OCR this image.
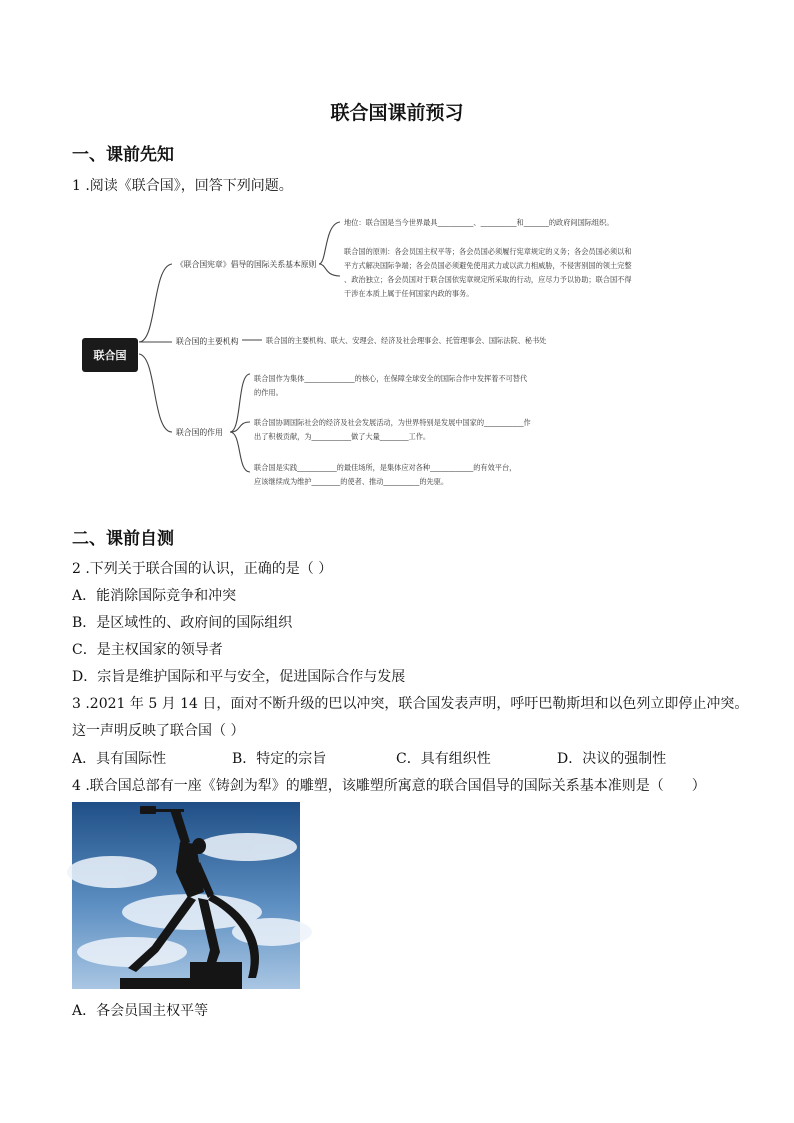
联合国课前预习
一、课前先知
1 .阅读《联合国》，回答下列问题。
联合国
《联合国宪章》倡导的国际关系基本原则
联合国的主要机构
联合国的作用
地位：联合国是当今世界最具__________、__________和_______的政府间国际组织。
联合国的原则：各会员国主权平等；各会员国必须履行宪章规定的义务；各会员国必须以和
平方式解决国际争端；各会员国必须避免使用武力或以武力相威胁，不侵害别国的领土完整
、政治独立；各会员国对于联合国依宪章规定所采取的行动，应尽力予以协助；联合国不得
干涉在本质上属于任何国家内政的事务。
联合国的主要机构、联大、安理会、经济及社会理事会、托管理事会、国际法院、秘书处
联合国作为集体______________的核心，在保障全球安全的国际合作中发挥着不可替代
的作用。
联合国协调国际社会的经济及社会发展活动，为世界特别是发展中国家的___________作
出了积极贡献，为___________做了大量________工作。
联合国是实践___________的最佳场所，是集体应对各种____________的有效平台，
应该继续成为维护________的使者、推动__________的先驱。
二、课前自测
2 .下列关于联合国的认识，正确的是（ ）
A．能消除国际竞争和冲突
B．是区域性的、政府间的国际组织
C．是主权国家的领导者
D．宗旨是维护国际和平与安全，促进国际合作与发展
3 .2021 年 5 月 14 日，面对不断升级的巴以冲突，联合国发表声明，呼吁巴勒斯坦和以色列立即停止冲突。
这一声明反映了联合国（ ）
A．具有国际性	B．特定的宗旨	C．具有组织性	D．决议的强制性
4 .联合国总部有一座《铸剑为犁》的雕塑，该雕塑所寓意的联合国倡导的国际关系基本准则是（　　）
A．各会员国主权平等
